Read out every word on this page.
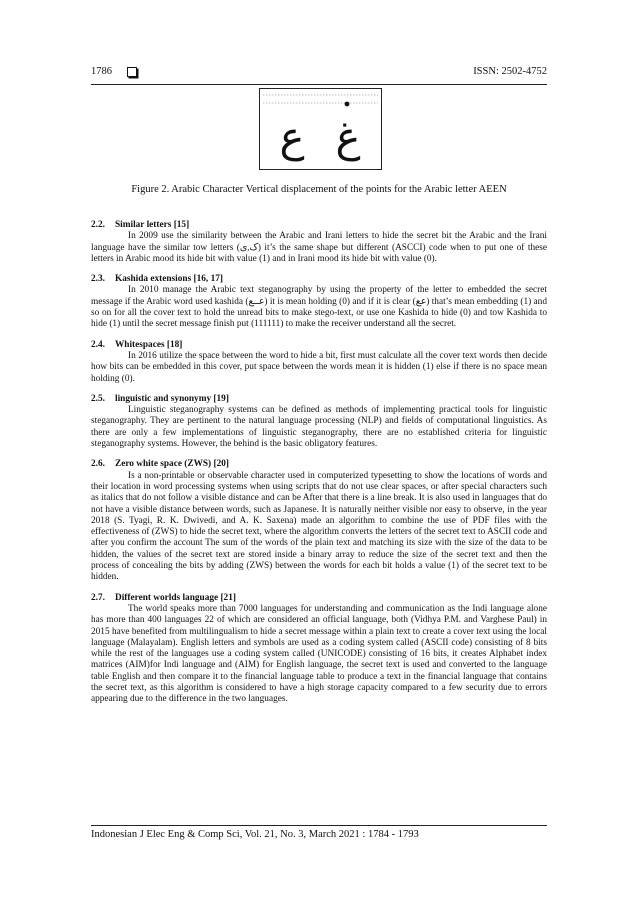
1786	ISSN: 2502-4752
ع غ
Figure 2. Arabic Character Vertical displacement of the points for the Arabic letter AEEN
2.2. Similar letters [15]
In 2009 use the similarity between the Arabic and Irani letters to hide the secret bit the Arabic and the Irani language have the similar tow letters (ک,ی) it’s the same shape but different (ASCCI) code when to put one of these letters in Arabic mood its hide bit with value (1) and in Irani mood its hide bit with value (0).
2.3. Kashida extensions [16, 17]
In 2010 manage the Arabic text steganography by using the property of the letter to embedded the secret message if the Arabic word used kashida (عــع) it is mean holding (0) and if it is clear (عع) that’s mean embedding (1) and so on for all the cover text to hold the unread bits to make stego-text, or use one Kashida to hide (0) and tow Kashida to hide (1) until the secret message finish put (111111) to make the receiver understand all the secret.
2.4. Whitespaces [18]
In 2016 utilize the space between the word to hide a bit, first must calculate all the cover text words then decide how bits can be embedded in this cover, put space between the words mean it is hidden (1) else if there is no space mean holding (0).
2.5. linguistic and synonymy [19]
Linguistic steganography systems can be defined as methods of implementing practical tools for linguistic steganography. They are pertinent to the natural language processing (NLP) and fields of computational linguistics. As there are only a few implementations of linguistic steganography, there are no established criteria for linguistic steganography systems. However, the behind is the basic obligatory features.
2.6. Zero white space (ZWS) [20]
Is a non-printable or observable character used in computerized typesetting to show the locations of words and their location in word processing systems when using scripts that do not use clear spaces, or after special characters such as italics that do not follow a visible distance and can be After that there is a line break. It is also used in languages that do not have a visible distance between words, such as Japanese. It is naturally neither visible nor easy to observe, in the year 2018 (S. Tyagi, R. K. Dwivedi, and A. K. Saxena) made an algorithm to combine the use of PDF files with the effectiveness of (ZWS) to hide the secret text, where the algorithm converts the letters of the secret text to ASCII code and after you confirm the account The sum of the words of the plain text and matching its size with the size of the data to be hidden, the values of the secret text are stored inside a binary array to reduce the size of the secret text and then the process of concealing the bits by adding (ZWS) between the words for each bit holds a value (1) of the secret text to be hidden.
2.7. Different worlds language [21]
The world speaks more than 7000 languages for understanding and communication as the Indi language alone has more than 400 languages 22 of which are considered an official language, both (Vidhya P.M. and Varghese Paul) in 2015 have benefited from multilingualism to hide a secret message within a plain text to create a cover text using the local language (Malayalam). English letters and symbols are used as a coding system called (ASCII code) consisting of 8 bits while the rest of the languages use a coding system called (UNICODE) consisting of 16 bits, it creates Alphabet index matrices (AIM)for Indi language and (AIM) for English language, the secret text is used and converted to the language table English and then compare it to the financial language table to produce a text in the financial language that contains the secret text, as this algorithm is considered to have a high storage capacity compared to a few security due to errors appearing due to the difference in the two languages.
Indonesian J Elec Eng & Comp Sci, Vol. 21, No. 3, March 2021 : 1784 - 1793
